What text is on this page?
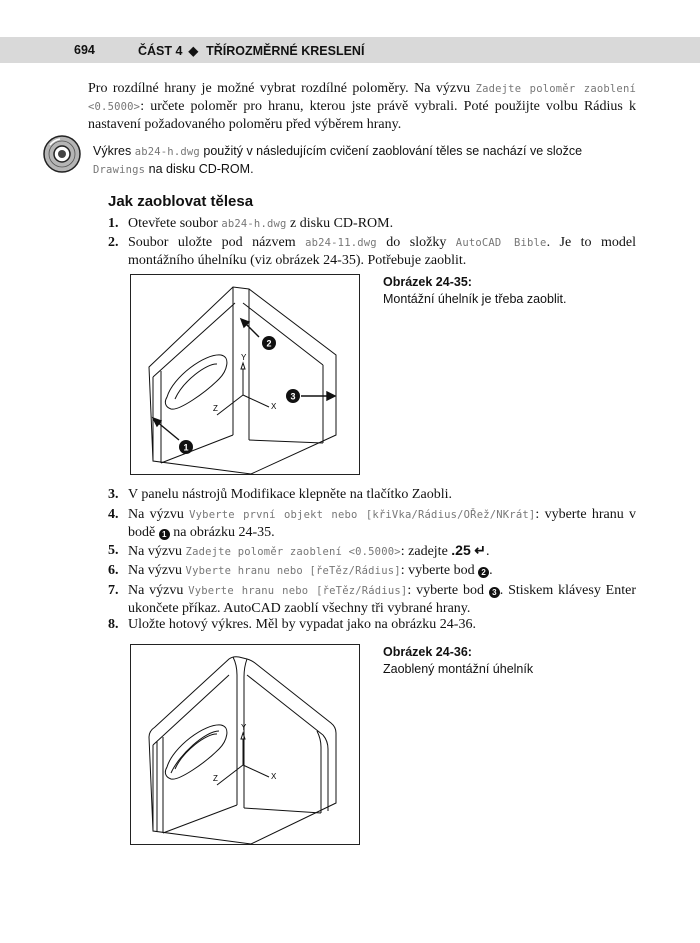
694	ČÁST 4 ◆ TŘÍROZMĚRNÉ KRESLENÍ
Pro rozdílné hrany je možné vybrat rozdílné poloměry. Na výzvu Zadejte poloměr zaoblení <0.5000>: určete poloměr pro hranu, kterou jste právě vybrali. Poté použijte volbu Rádius k nastavení požadovaného poloměru před výběrem hrany.
Výkres ab24-h.dwg použitý v následujícím cvičení zaoblování těles se nachází ve složce Drawings na disku CD-ROM.
Jak zaoblovat tělesa
1. Otevřete soubor ab24-h.dwg z disku CD-ROM.
2. Soubor uložte pod názvem ab24-11.dwg do složky AutoCAD Bible. Je to model montážního úhelníku (viz obrázek 24-35). Potřebuje zaoblit.
Y
Z	X
1
2
3
Obrázek 24-35:
Montážní úhelník je třeba zaoblit.
3. V panelu nástrojů Modifikace klepněte na tlačítko Zaobli.
4. Na výzvu Vyberte první objekt nebo [křiVka/Rádius/OŘež/NKrát]: vyberte hranu v bodě 1 na obrázku 24-35.
5. Na výzvu Zadejte poloměr zaoblení <0.5000>: zadejte .25 ↵.
6. Na výzvu Vyberte hranu nebo [řeTěz/Rádius]: vyberte bod 2 .
7. Na výzvu Vyberte hranu nebo [řeTěz/Rádius]: vyberte bod 3 . Stiskem klávesy Enter ukončete příkaz. AutoCAD zaoblí všechny tři vybrané hrany.
8. Uložte hotový výkres. Měl by vypadat jako na obrázku 24-36.
Y
Z	X
Obrázek 24-36:
Zaoblený montážní úhelník
